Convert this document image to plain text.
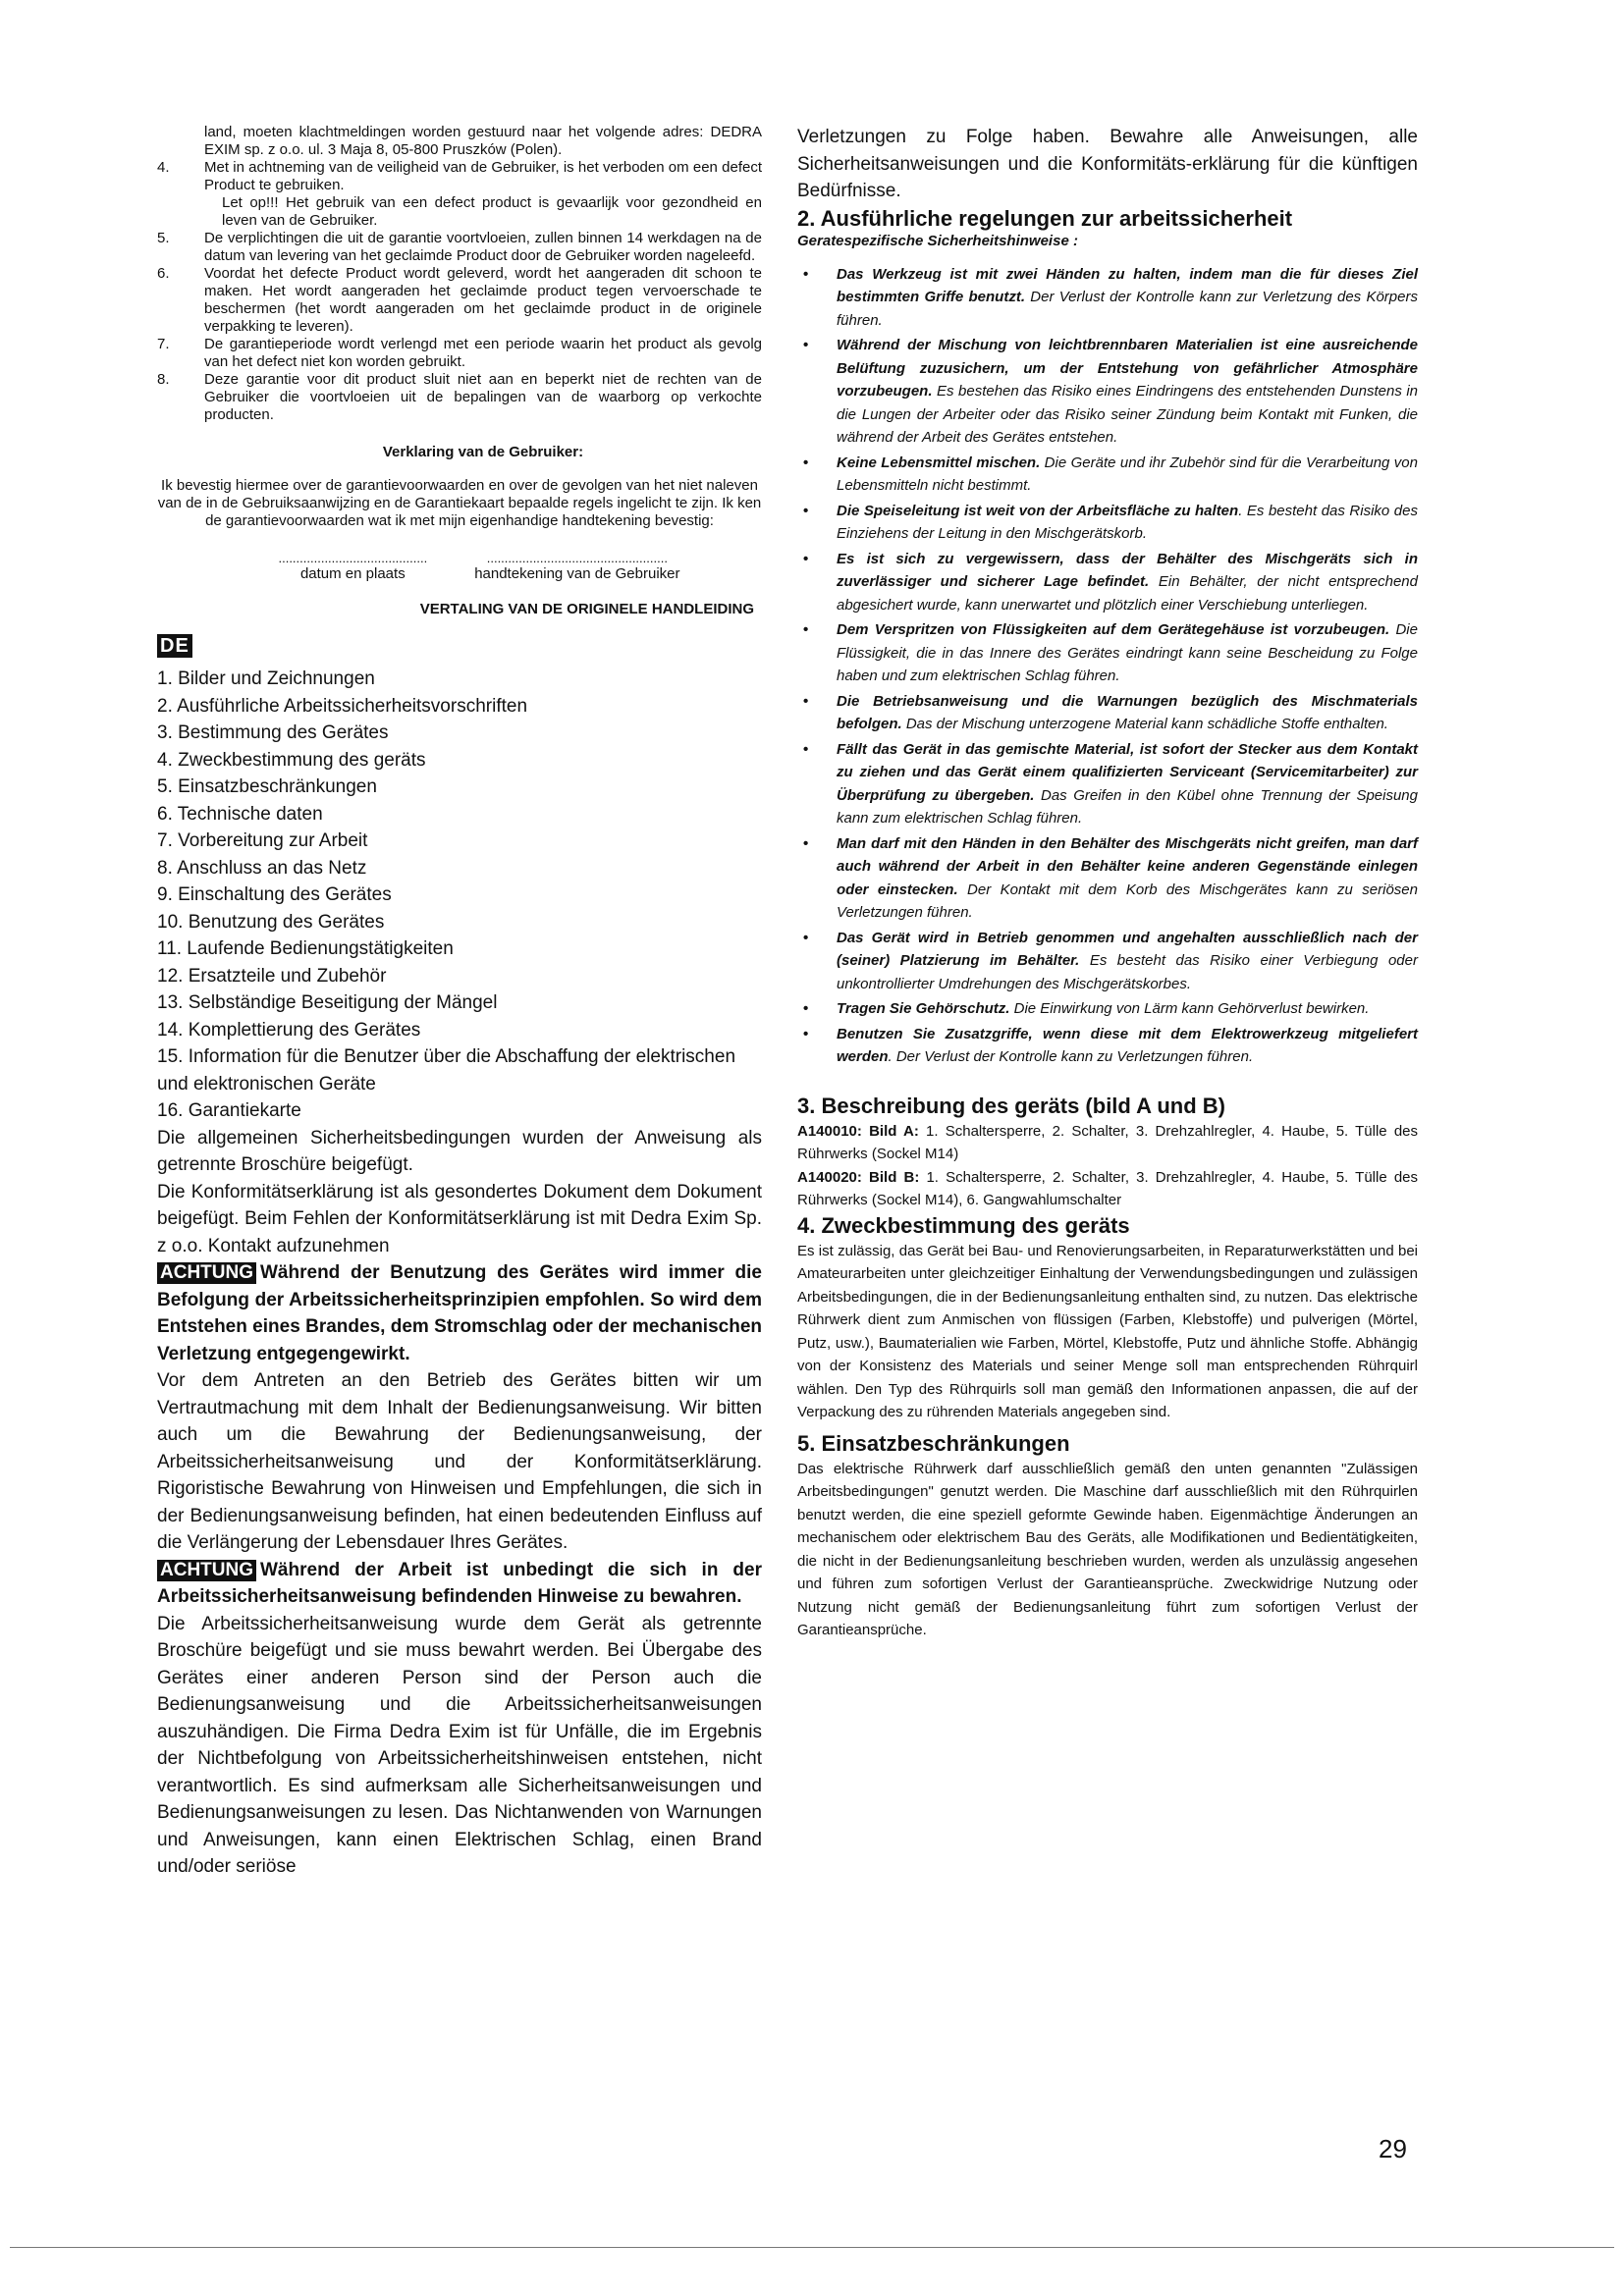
land, moeten klachtmeldingen worden gestuurd naar het volgende adres: DEDRA EXIM sp. z o.o. ul. 3 Maja 8, 05-800 Pruszków (Polen).

4.	Met in achtneming van de veiligheid van de Gebruiker, is het verboden om een defect Product te gebruiken.
Let op!!! Het gebruik van een defect product is gevaarlijk voor gezondheid en leven van de Gebruiker.
5.	De verplichtingen die uit de garantie voortvloeien, zullen binnen 14 werkdagen na de datum van levering van het geclaimde Product door de Gebruiker worden nageleefd.
6.	Voordat het defecte Product wordt geleverd, wordt het aangeraden dit schoon te maken. Het wordt aangeraden het geclaimde product tegen vervoerschade te beschermen (het wordt aangeraden om het geclaimde product in de originele verpakking te leveren).
7.	De garantieperiode wordt verlengd met een periode waarin het product als gevolg van het defect niet kon worden gebruikt.
8.	Deze garantie voor dit product sluit niet aan en beperkt niet de rechten van de Gebruiker die voortvloeien uit de bepalingen van de waarborg op verkochte producten.

Verklaring van de Gebruiker:

Ik bevestig hiermee over de garantievoorwaarden en over de gevolgen van het niet naleven van de in de Gebruiksaanwijzing en de Garantiekaart bepaalde regels ingelicht te zijn. Ik ken de garantievoorwaarden wat ik met mijn eigenhandige handtekening bevestig:

..........................................
datum en plaats
...................................................
handtekening van de Gebruiker

VERTALING VAN DE ORIGINELE HANDLEIDING

DE
1. Bilder und Zeichnungen
2. Ausführliche Arbeitssicherheitsvorschriften
3. Bestimmung des Gerätes
4. Zweckbestimmung des geräts
5. Einsatzbeschränkungen
6. Technische daten
7. Vorbereitung zur Arbeit
8. Anschluss an das Netz
9. Einschaltung des Gerätes
10. Benutzung des Gerätes
11. Laufende Bedienungstätigkeiten
12. Ersatzteile und Zubehör
13. Selbständige Beseitigung der Mängel
14. Komplettierung des Gerätes
15. Information für die Benutzer über die Abschaffung der elektrischen und elektronischen Geräte
16. Garantiekarte

Die allgemeinen Sicherheitsbedingungen wurden der Anweisung als getrennte Broschüre beigefügt.

Die Konformitätserklärung ist als gesondertes Dokument dem Dokument beigefügt. Beim Fehlen der Konformitätserklärung ist mit Dedra Exim Sp. z o.o. Kontakt aufzunehmen

ACHTUNG Während der Benutzung des Gerätes wird immer die Befolgung der Arbeitssicherheitsprinzipien empfohlen. So wird dem Entstehen eines Brandes, dem Stromschlag oder der mechanischen Verletzung entgegengewirkt.

Vor dem Antreten an den Betrieb des Gerätes bitten wir um Vertrautmachung mit dem Inhalt der Bedienungsanweisung. Wir bitten auch um die Bewahrung der Bedienungsanweisung, der Arbeitssicherheitsanweisung und der Konformitätserklärung. Rigoristische Bewahrung von Hinweisen und Empfehlungen, die sich in der Bedienungsanweisung befinden, hat einen bedeutenden Einfluss auf die Verlängerung der Lebensdauer Ihres Gerätes.

ACHTUNG Während der Arbeit ist unbedingt die sich in der Arbeitssicherheitsanweisung befindenden Hinweise zu bewahren.

Die Arbeitssicherheitsanweisung wurde dem Gerät als getrennte Broschüre beigefügt und sie muss bewahrt werden. Bei Übergabe des Gerätes einer anderen Person sind der Person auch die Bedienungsanweisung und die Arbeitssicherheitsanweisungen auszuhändigen. Die Firma Dedra Exim ist für Unfälle, die im Ergebnis der Nichtbefolgung von Arbeitssicherheitshinweisen entstehen, nicht verantwortlich. Es sind aufmerksam alle Sicherheitsanweisungen und Bedienungsanweisungen zu lesen. Das Nichtanwenden von Warnungen und Anweisungen, kann einen Elektrischen Schlag, einen Brand und/oder seriöse

Verletzungen zu Folge haben. Bewahre alle Anweisungen, alle Sicherheitsanweisungen und die Konformitäts-erklärung für die künftigen Bedürfnisse.

2. Ausführliche regelungen zur arbeitssicherheit

Geratespezifische Sicherheitshinweise :

• Das Werkzeug ist mit zwei Händen zu halten, indem man die für dieses Ziel bestimmten Griffe benutzt. Der Verlust der Kontrolle kann zur Verletzung des Körpers führen.
• Während der Mischung von leichtbrennbaren Materialien ist eine ausreichende Belüftung zuzusichern, um der Entstehung von gefährlicher Atmosphäre vorzubeugen. Es bestehen das Risiko eines Eindringens des entstehenden Dunstens in die Lungen der Arbeiter oder das Risiko seiner Zündung beim Kontakt mit Funken, die während der Arbeit des Gerätes entstehen.
• Keine Lebensmittel mischen. Die Geräte und ihr Zubehör sind für die Verarbeitung von Lebensmitteln nicht bestimmt.
• Die Speiseleitung ist weit von der Arbeitsfläche zu halten. Es besteht das Risiko des Einziehens der Leitung in den Mischgerätskorb.
• Es ist sich zu vergewissern, dass der Behälter des Mischgeräts sich in zuverlässiger und sicherer Lage befindet. Ein Behälter, der nicht entsprechend abgesichert wurde, kann unerwartet und plötzlich einer Verschiebung unterliegen.
• Dem Verspritzen von Flüssigkeiten auf dem Gerätegehäuse ist vorzubeugen. Die Flüssigkeit, die in das Innere des Gerätes eindringt kann seine Bescheidung zu Folge haben und zum elektrischen Schlag führen.
• Die Betriebsanweisung und die Warnungen bezüglich des Mischmaterials befolgen. Das der Mischung unterzogene Material kann schädliche Stoffe enthalten.
• Fällt das Gerät in das gemischte Material, ist sofort der Stecker aus dem Kontakt zu ziehen und das Gerät einem qualifizierten Serviceant (Servicemitarbeiter) zur Überprüfung zu übergeben. Das Greifen in den Kübel ohne Trennung der Speisung kann zum elektrischen Schlag führen.
• Man darf mit den Händen in den Behälter des Mischgeräts nicht greifen, man darf auch während der Arbeit in den Behälter keine anderen Gegenstände einlegen oder einstecken. Der Kontakt mit dem Korb des Mischgerätes kann zu seriösen Verletzungen führen.
• Das Gerät wird in Betrieb genommen und angehalten ausschließlich nach der (seiner) Platzierung im Behälter. Es besteht das Risiko einer Verbiegung oder unkontrollierter Umdrehungen des Mischgerätskorbes.
• Tragen Sie Gehörschutz. Die Einwirkung von Lärm kann Gehörverlust bewirken.
• Benutzen Sie Zusatzgriffe, wenn diese mit dem Elektrowerkzeug mitgeliefert werden. Der Verlust der Kontrolle kann zu Verletzungen führen.
3. Beschreibung des geräts (bild A und B)

A140010: Bild A: 1. Schaltersperre, 2. Schalter, 3. Drehzahlregler, 4. Haube, 5. Tülle des Rührwerks (Sockel M14)

A140020: Bild B: 1. Schaltersperre, 2. Schalter, 3. Drehzahlregler, 4. Haube, 5. Tülle des Rührwerks (Sockel M14), 6. Gangwahlumschalter

4. Zweckbestimmung des geräts

Es ist zulässig, das Gerät bei Bau- und Renovierungsarbeiten, in Reparaturwerkstätten und bei Amateurarbeiten unter gleichzeitiger Einhaltung der Verwendungsbedingungen und zulässigen Arbeitsbedingungen, die in der Bedienungsanleitung enthalten sind, zu nutzen. Das elektrische Rührwerk dient zum Anmischen von flüssigen (Farben, Klebstoffe) und pulverigen (Mörtel, Putz, usw.), Baumaterialien wie Farben, Mörtel, Klebstoffe, Putz und ähnliche Stoffe. Abhängig von der Konsistenz des Materials und seiner Menge soll man entsprechenden Rührquirl wählen. Den Typ des Rührquirls soll man gemäß den Informationen anpassen, die auf der Verpackung des zu rührenden Materials angegeben sind.

5. Einsatzbeschränkungen

Das elektrische Rührwerk darf ausschließlich gemäß den unten genannten "Zulässigen Arbeitsbedingungen" genutzt werden. Die Maschine darf ausschließlich mit den Rührquirlen benutzt werden, die eine speziell geformte Gewinde haben. Eigenmächtige Änderungen an mechanischem oder elektrischem Bau des Geräts, alle Modifikationen und Bedientätigkeiten, die nicht in der Bedienungsanleitung beschrieben wurden, werden als unzulässig angesehen und führen zum sofortigen Verlust der Garantieansprüche. Zweckwidrige Nutzung oder Nutzung nicht gemäß der Bedienungsanleitung führt zum sofortigen Verlust der Garantieansprüche.

29
